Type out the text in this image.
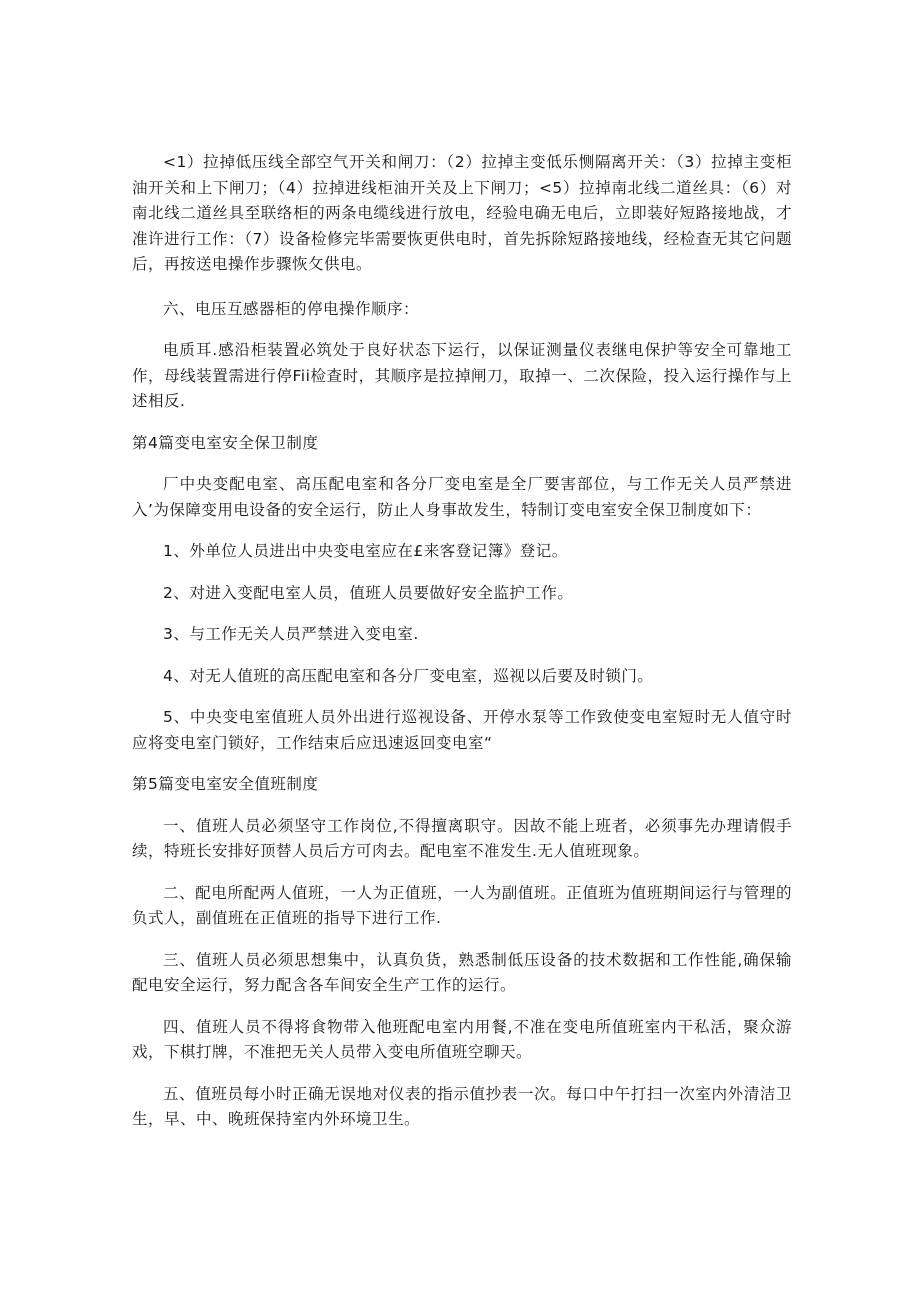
<1）拉掉低压线全部空气开关和闸刀：（2）拉掉主变低乐恻隔离开关：（3）拉掉主变柜油开关和上下闸刀；（4）拉掉进线柜油开关及上下闸刀；<5）拉掉南北线二道丝具：（6）对南北线二道丝具至联络柜的两条电缆线进行放电，经验电确无电后，立即装好短路接地战，才准许进行工作：（7）设备检修完毕需要恢更供电时，首先拆除短路接地线，经检查无其它问题后，再按送电操作步骤恢攵供电。

六、电压互感器柜的停电操作顺序：

电质耳.感沿柜装置必筑处于良好状态下运行，以保证测量仪表继电保护等安全可靠地工作，母线装置需进行停Fii检查时，其顺序是拉掉闸刀，取掉一、二次保险，投入运行操作与上述相反.

第4篇变电室安全保卫制度

厂中央变配电室、高压配电室和各分厂变电室是全厂要害部位，与工作无关人员严禁进入’为保障变用电设备的安全运行，防止人身事故发生，特制订变电室安全保卫制度如下：

1、外单位人员进出中央变电室应在£来客登记簿》登记。

2、对进入变配电室人员，值班人员要做好安全监护工作。

3、与工作无关人员严禁进入变电室.

4、对无人值班的高压配电室和各分厂变电室，巡视以后要及时锁门。

5、中央变电室值班人员外出进行巡视设备、开停水泵等工作致使变电室短时无人值守时应将变电室门锁好，工作结束后应迅速返回变电室“

第5篇变电室安全值班制度

一、值班人员必须坚守工作岗位,不得擅离职守。因故不能上班者，必须事先办理请假手续，特班长安排好顶替人员后方可肉去。配电室不准发生.无人值班现象。

二、配电所配两人值班，一人为正值班，一人为副值班。正值班为值班期间运行与管理的负式人，副值班在正值班的指导下进行工作.

三、值班人员必须思想集中，认真负货，熟悉制低压设备的技术数据和工作性能,确保输配电安全运行，努力配含各车间安全生产工作的运行。

四、值班人员不得将食物带入他班配电室内用餐,不准在变电所值班室内干私活，聚众游戏，下棋打牌，不准把无关人员带入变电所值班空聊天。

五、值班员每小时正确无误地对仪表的指示值抄表一次。每口中午打扫一次室内外清洁卫生，早、中、晚班保持室内外环境卫生。
